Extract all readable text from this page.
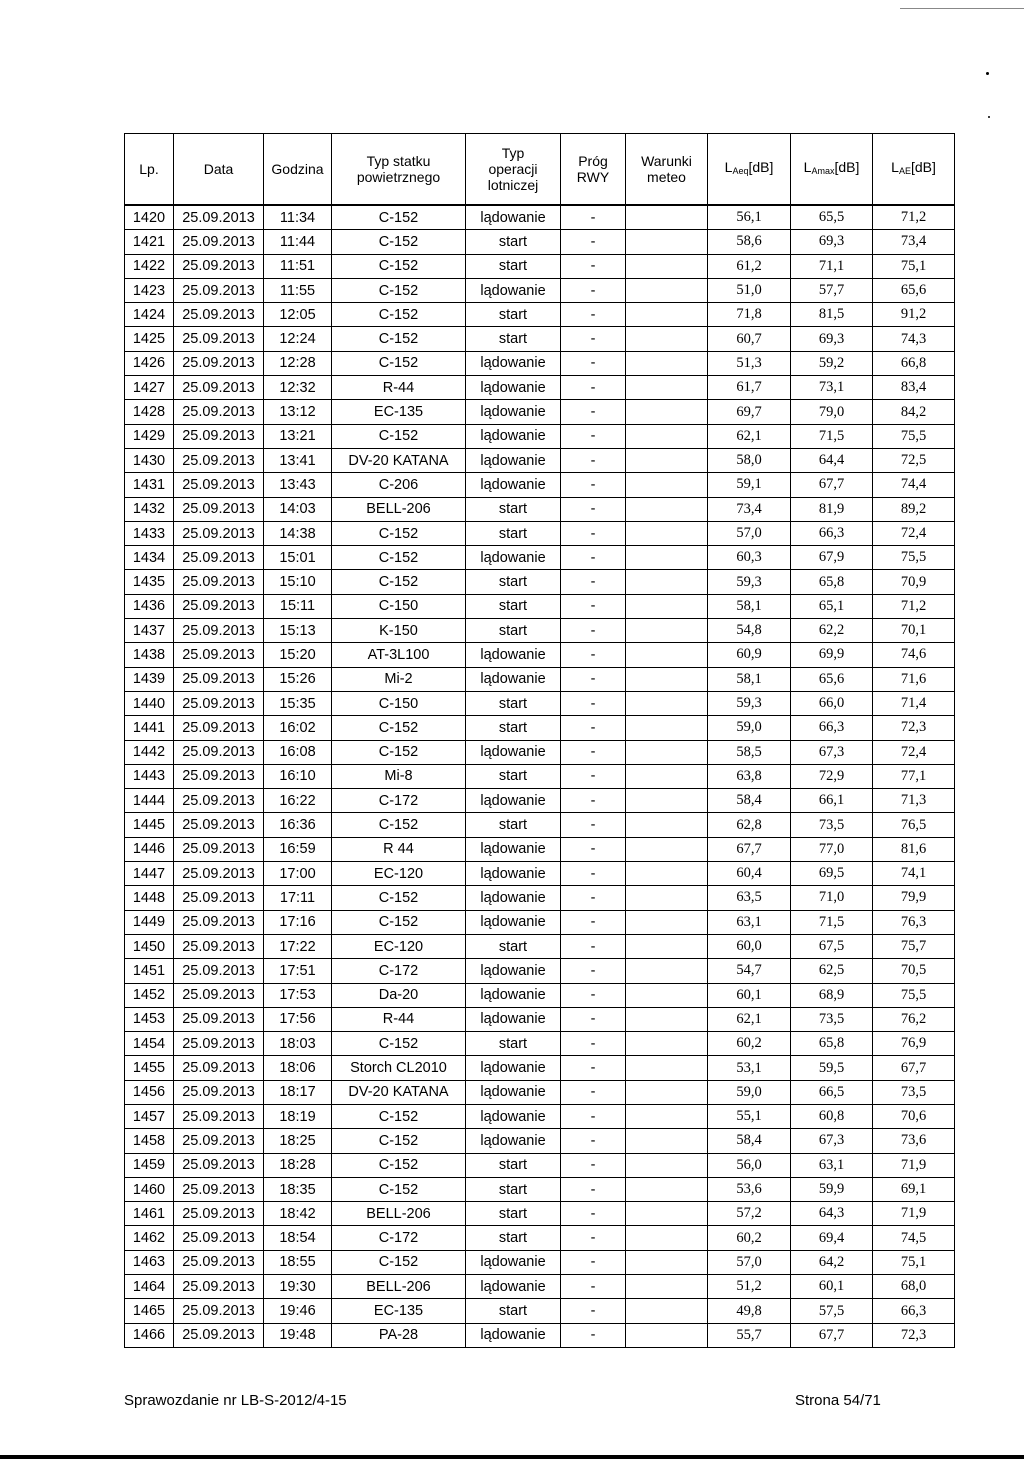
Lp.	Data	Godzina	Typ statku
powietrznego	Typ
operacji
lotniczej	Próg
RWY	Warunki
meteo	$L_{Aeq}[dB]$	$L_{Amax}[dB]$	$L_{AE}[dB]$
1420	25.09.2013	11:34	C-152	lądowanie	-		56,1	65,5	71,2
1421	25.09.2013	11:44	C-152	start	-		58,6	69,3	73,4
1422	25.09.2013	11:51	C-152	start	-		61,2	71,1	75,1
1423	25.09.2013	11:55	C-152	lądowanie	-		51,0	57,7	65,6
1424	25.09.2013	12:05	C-152	start	-		71,8	81,5	91,2
1425	25.09.2013	12:24	C-152	start	-		60,7	69,3	74,3
1426	25.09.2013	12:28	C-152	lądowanie	-		51,3	59,2	66,8
1427	25.09.2013	12:32	R-44	lądowanie	-		61,7	73,1	83,4
1428	25.09.2013	13:12	EC-135	lądowanie	-		69,7	79,0	84,2
1429	25.09.2013	13:21	C-152	lądowanie	-		62,1	71,5	75,5
1430	25.09.2013	13:41	DV-20 KATANA	lądowanie	-		58,0	64,4	72,5
1431	25.09.2013	13:43	C-206	lądowanie	-		59,1	67,7	74,4
1432	25.09.2013	14:03	BELL-206	start	-		73,4	81,9	89,2
1433	25.09.2013	14:38	C-152	start	-		57,0	66,3	72,4
1434	25.09.2013	15:01	C-152	lądowanie	-		60,3	67,9	75,5
1435	25.09.2013	15:10	C-152	start	-		59,3	65,8	70,9
1436	25.09.2013	15:11	C-150	start	-		58,1	65,1	71,2
1437	25.09.2013	15:13	K-150	start	-		54,8	62,2	70,1
1438	25.09.2013	15:20	AT-3L100	lądowanie	-		60,9	69,9	74,6
1439	25.09.2013	15:26	Mi-2	lądowanie	-		58,1	65,6	71,6
1440	25.09.2013	15:35	C-150	start	-		59,3	66,0	71,4
1441	25.09.2013	16:02	C-152	start	-		59,0	66,3	72,3
1442	25.09.2013	16:08	C-152	lądowanie	-		58,5	67,3	72,4
1443	25.09.2013	16:10	Mi-8	start	-		63,8	72,9	77,1
1444	25.09.2013	16:22	C-172	lądowanie	-		58,4	66,1	71,3
1445	25.09.2013	16:36	C-152	start	-		62,8	73,5	76,5
1446	25.09.2013	16:59	R 44	lądowanie	-		67,7	77,0	81,6
1447	25.09.2013	17:00	EC-120	lądowanie	-		60,4	69,5	74,1
1448	25.09.2013	17:11	C-152	lądowanie	-		63,5	71,0	79,9
1449	25.09.2013	17:16	C-152	lądowanie	-		63,1	71,5	76,3
1450	25.09.2013	17:22	EC-120	start	-		60,0	67,5	75,7
1451	25.09.2013	17:51	C-172	lądowanie	-		54,7	62,5	70,5
1452	25.09.2013	17:53	Da-20	lądowanie	-		60,1	68,9	75,5
1453	25.09.2013	17:56	R-44	lądowanie	-		62,1	73,5	76,2
1454	25.09.2013	18:03	C-152	start	-		60,2	65,8	76,9
1455	25.09.2013	18:06	Storch CL2010	lądowanie	-		53,1	59,5	67,7
1456	25.09.2013	18:17	DV-20 KATANA	lądowanie	-		59,0	66,5	73,5
1457	25.09.2013	18:19	C-152	lądowanie	-		55,1	60,8	70,6
1458	25.09.2013	18:25	C-152	lądowanie	-		58,4	67,3	73,6
1459	25.09.2013	18:28	C-152	start	-		56,0	63,1	71,9
1460	25.09.2013	18:35	C-152	start	-		53,6	59,9	69,1
1461	25.09.2013	18:42	BELL-206	start	-		57,2	64,3	71,9
1462	25.09.2013	18:54	C-172	start	-		60,2	69,4	74,5
1463	25.09.2013	18:55	C-152	lądowanie	-		57,0	64,2	75,1
1464	25.09.2013	19:30	BELL-206	lądowanie	-		51,2	60,1	68,0
1465	25.09.2013	19:46	EC-135	start	-		49,8	57,5	66,3
1466	25.09.2013	19:48	PA-28	lądowanie	-		55,7	67,7	72,3
Sprawozdanie nr LB-S-2012/4-15	Strona 54/71
